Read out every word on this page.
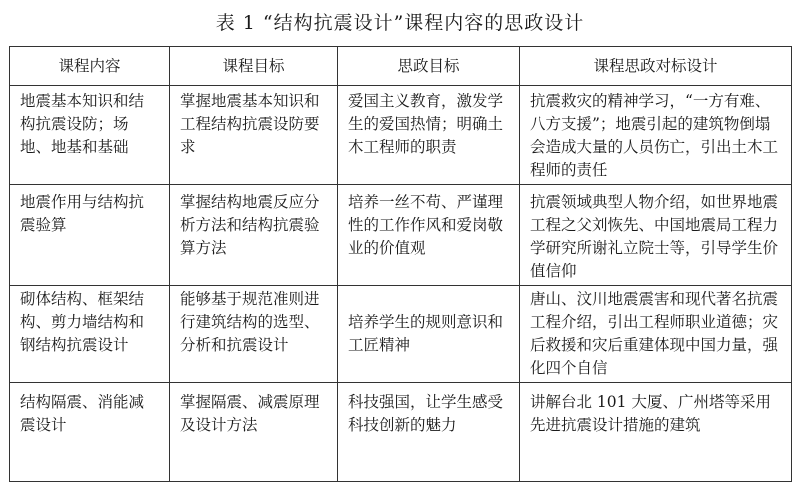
表 1 “结构抗震设计”课程内容的思政设计
课程内容	课程目标	思政目标	课程思政对标设计
地震基本知识和结构抗震设防；场地、地基和基础	掌握地震基本知识和工程结构抗震设防要求	爱国主义教育，激发学生的爱国热情；明确土木工程师的职责	抗震救灾的精神学习，“一方有难、八方支援”；地震引起的建筑物倒塌会造成大量的人员伤亡，引出土木工程师的责任
地震作用与结构抗震验算	掌握结构地震反应分析方法和结构抗震验算方法	培养一丝不苟、严谨理性的工作作风和爱岗敬业的价值观	抗震领域典型人物介绍，如世界地震工程之父刘恢先、中国地震局工程力学研究所谢礼立院士等，引导学生价值信仰
砌体结构、框架结构、剪力墙结构和钢结构抗震设计	能够基于规范准则进行建筑结构的选型、分析和抗震设计	培养学生的规则意识和工匠精神	唐山、汶川地震震害和现代著名抗震工程介绍，引出工程师职业道德；灾后救援和灾后重建体现中国力量，强化四个自信
结构隔震、消能减震设计	掌握隔震、减震原理及设计方法	科技强国，让学生感受科技创新的魅力	讲解台北 101 大厦、广州塔等采用先进抗震设计措施的建筑
